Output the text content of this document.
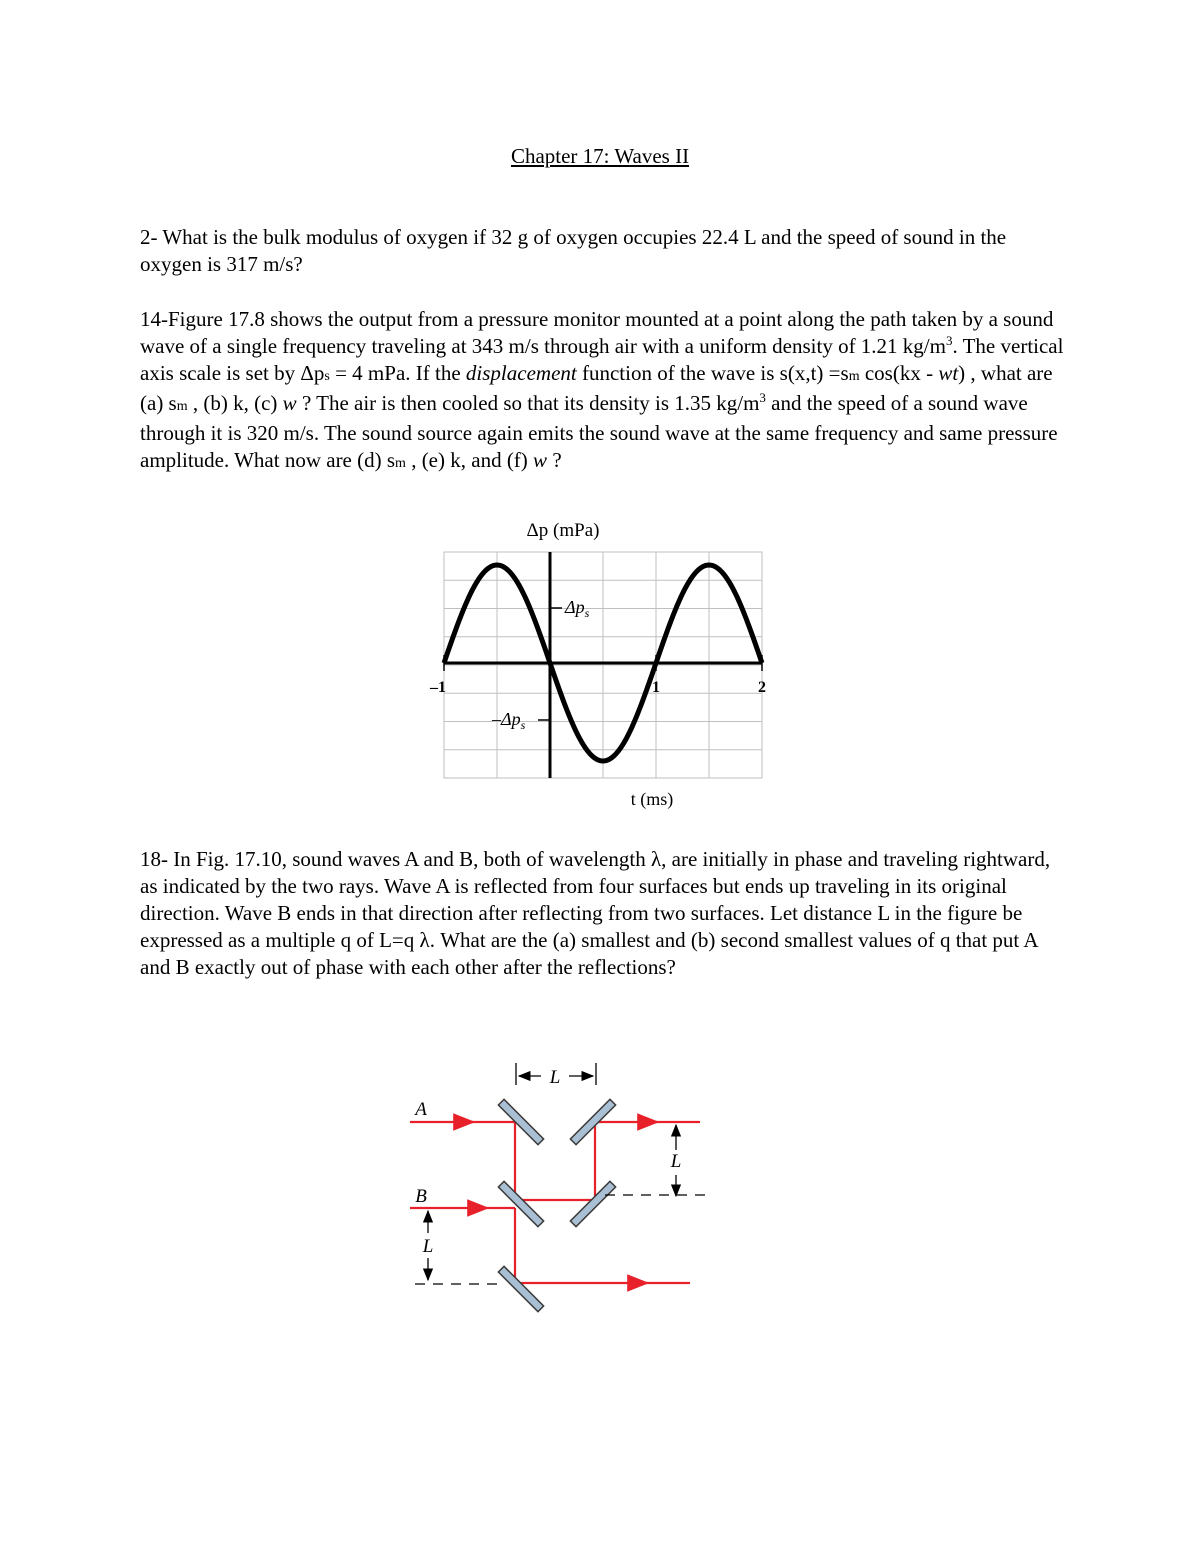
Chapter 17: Waves II

2- What is the bulk modulus of oxygen if 32 g of oxygen occupies 22.4 L and the speed of sound in the oxygen is 317 m/s?

14-Figure 17.8 shows the output from a pressure monitor mounted at a point along the path taken by a sound wave of a single frequency traveling at 343 m/s through air with a uniform density of 1.21 $kg/m^3$. The vertical axis scale is set by Δps = 4 mPa. If the displacement function of the wave is s(x,t) =sm cos(kx - wt) , what are (a) sm , (b) k, (c) w ? The air is then cooled so that its density is 1.35 $kg/m^3$ and the speed of a sound wave through it is 320 m/s. The sound source again emits the sound wave at the same frequency and same pressure amplitude. What now are (d) sm , (e) k, and (f) w ?

Δp (mPa)
$\Delta p_s$
$-\Delta p_s$
–1	1	2
t (ms)

18- In Fig. 17.10, sound waves A and B, both of wavelength λ, are initially in phase and traveling rightward, as indicated by the two rays. Wave A is reflected from four surfaces but ends up traveling in its original direction. Wave B ends in that direction after reflecting from two surfaces. Let distance L in the figure be expressed as a multiple q of L=q λ. What are the (a) smallest and (b) second smallest values of q that put A and B exactly out of phase with each other after the reflections?

L
L
L
A
B
